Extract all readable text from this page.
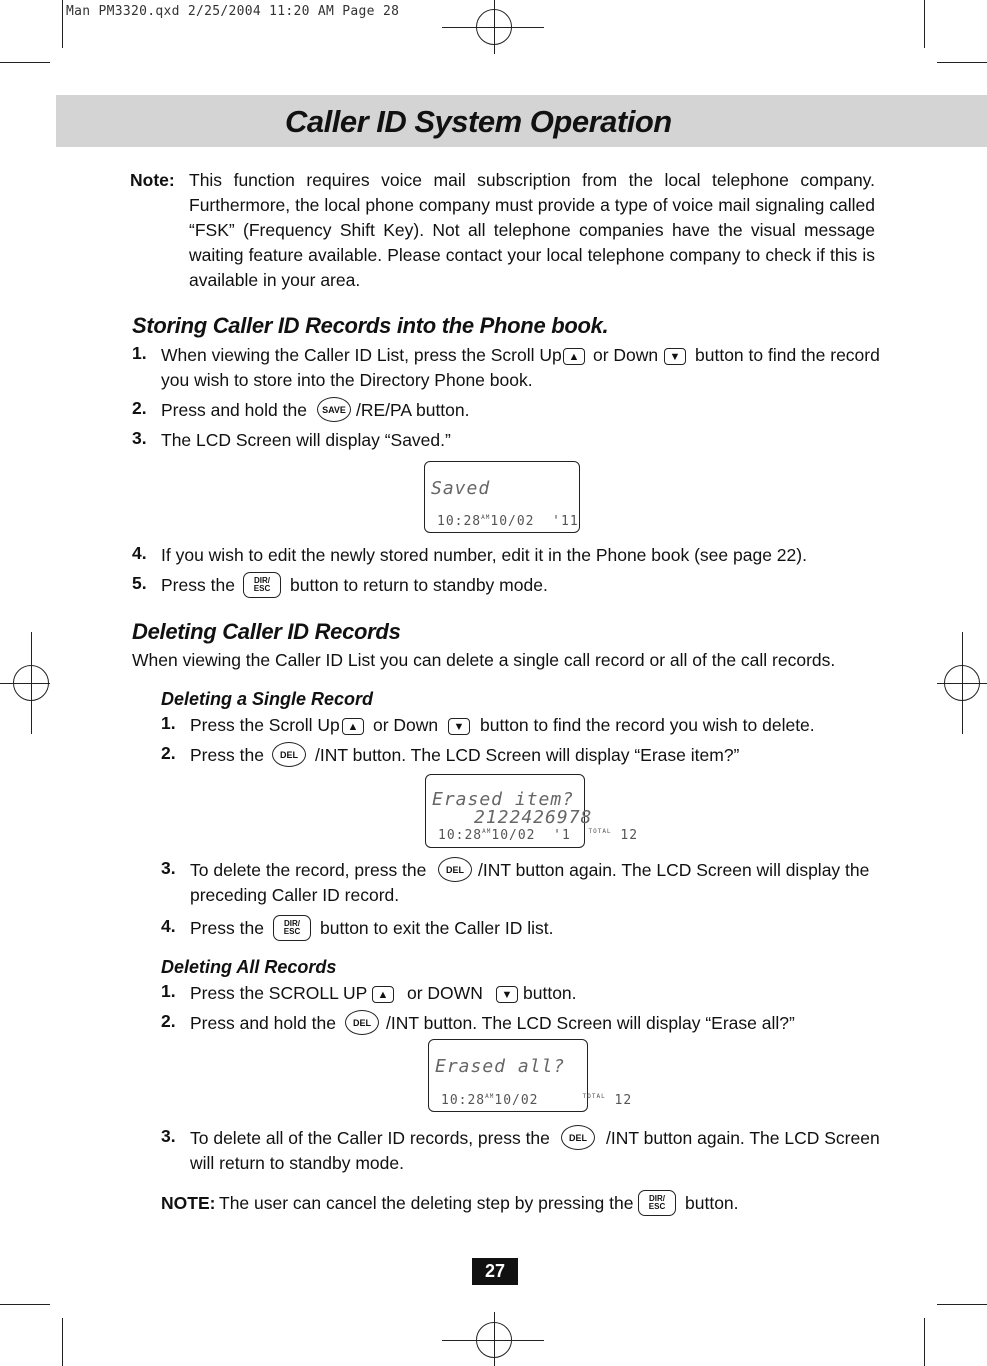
Man PM3320.qxd 2/25/2004 11:20 AM Page 28
Caller ID System Operation
Note: This function requires voice mail subscription from the local telephone company. Furthermore, the local phone company must provide a type of voice mail signaling called “FSK” (Frequency Shift Key). Not all telephone companies have the visual message waiting feature available. Please contact your local telephone company to check if this is available in your area.
Storing Caller ID Records into the Phone book.
1. When viewing the Caller ID List, press the Scroll Up ▲ or Down	▼ button to find the record
you wish to store into the Directory Phone book.
2. Press and hold the	SAVE /RE/PA button.
3. The LCD Screen will display “Saved.”
Saved
$10:28^{AM}10/02$ '11
4. If you wish to edit the newly stored number, edit it in the Phone book (see page 22).
5. Press the DIR/
ESC button to return to standby mode.
Deleting Caller ID Records
When viewing the Caller ID List you can delete a single call record or all of the call records.
Deleting a Single Record
1. Press the Scroll Up ▲ or Down	▼ button to find the record you wish to delete.
2. Press the	DEL /INT button. The LCD Screen will display “Erase item?”
Erased item?
2122426978
$10:28^{AM}10/02$ '1	$^{TOTAL}$ 12
3. To delete the record, press the	DEL /INT button again. The LCD Screen will display the
preceding Caller ID record.
4. Press the	DIR/
ESC button to exit the Caller ID list.
Deleting All Records
1. Press the SCROLL UP ▲	or DOWN	▼ button.
2. Press and hold the	DEL /INT button. The LCD Screen will display “Erase all?”
Erased all?
$10:28^{AM}10/02$	$^{TOTAL}$ 12
3. To delete all of the Caller ID records, press the	DEL	/INT button again. The LCD Screen
will return to standby mode.
NOTE: The user can cancel the deleting step by pressing the DIR/
ESC button.
27
